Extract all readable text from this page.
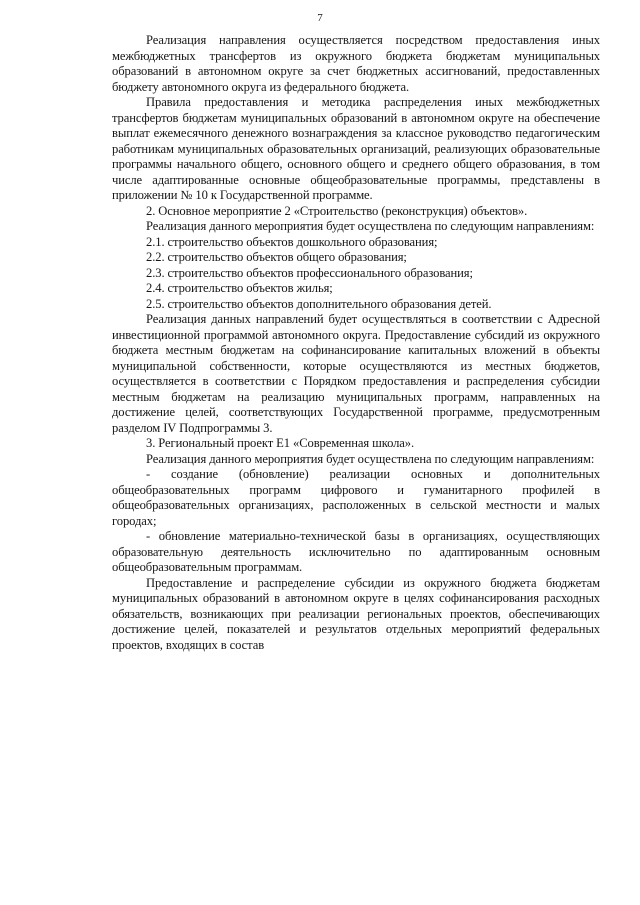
7

Реализация направления осуществляется посредством предоставления иных межбюджетных трансфертов из окружного бюджета бюджетам муниципальных образований в автономном округе за счет бюджетных ассигнований, предоставленных бюджету автономного округа из федерального бюджета.

Правила предоставления и методика распределения иных межбюджетных трансфертов бюджетам муниципальных образований в автономном округе на обеспечение выплат ежемесячного денежного вознаграждения за классное руководство педагогическим работникам муниципальных образовательных организаций, реализующих образовательные программы начального общего, основного общего и среднего общего образования, в том числе адаптированные основные общеобразовательные программы, представлены в приложении № 10 к Государственной программе.

2. Основное мероприятие 2 «Строительство (реконструкция) объектов».

Реализация данного мероприятия будет осуществлена по следующим направлениям:

2.1. строительство объектов дошкольного образования;

2.2. строительство объектов общего образования;

2.3. строительство объектов профессионального образования;

2.4. строительство объектов жилья;

2.5. строительство объектов дополнительного образования детей.

Реализация данных направлений будет осуществляться в соответствии с Адресной инвестиционной программой автономного округа. Предоставление субсидий из окружного бюджета местным бюджетам на софинансирование капитальных вложений в объекты муниципальной собственности, которые осуществляются из местных бюджетов, осуществляется в соответствии с Порядком предоставления и распределения субсидии местным бюджетам на реализацию муниципальных программ, направленных на достижение целей, соответствующих Государственной программе, предусмотренным разделом IV Подпрограммы 3.

3. Региональный проект Е1 «Современная школа».

Реализация данного мероприятия будет осуществлена по следующим направлениям:

- создание (обновление) реализации основных и дополнительных общеобразовательных программ цифрового и гуманитарного профилей в общеобразовательных организациях, расположенных в сельской местности и малых городах;

- обновление материально-технической базы в организациях, осуществляющих образовательную деятельность исключительно по адаптированным основным общеобразовательным программам.

Предоставление и распределение субсидии из окружного бюджета бюджетам муниципальных образований в автономном округе в целях софинансирования расходных обязательств, возникающих при реализации региональных проектов, обеспечивающих достижение целей, показателей и результатов отдельных мероприятий федеральных проектов, входящих в состав
